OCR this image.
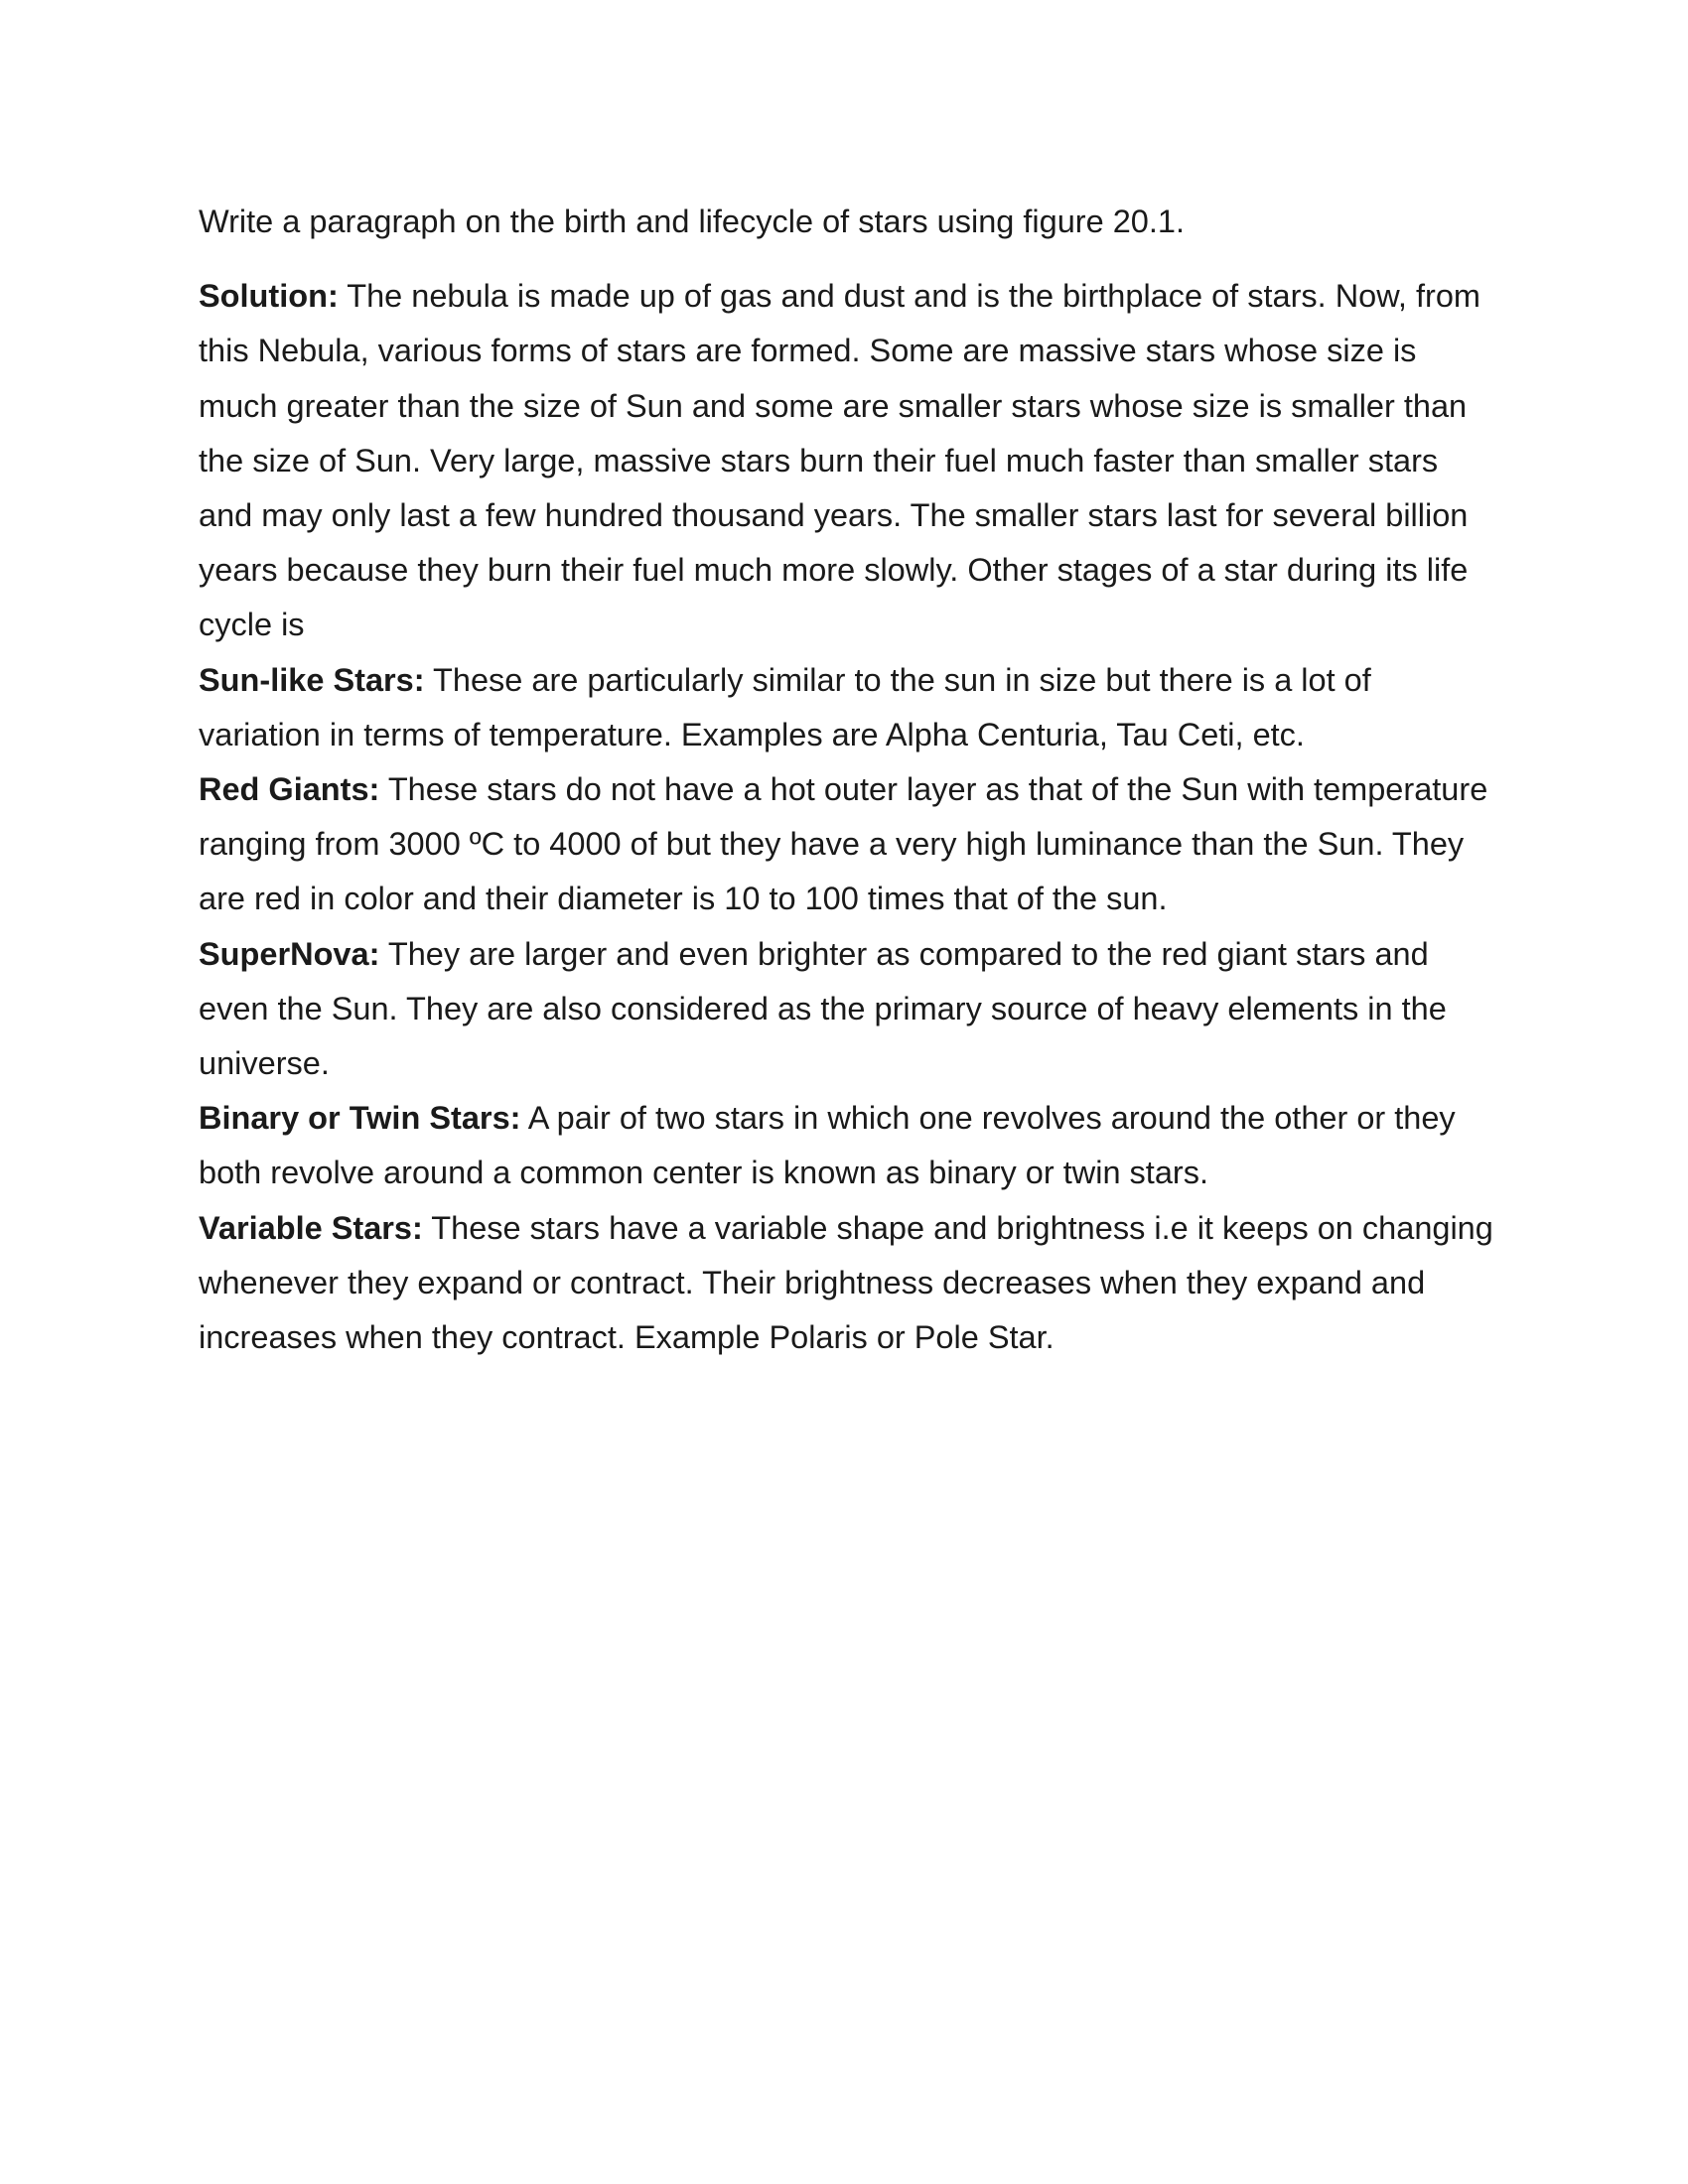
Write a paragraph on the birth and lifecycle of stars using figure 20.1.

Solution: The nebula is made up of gas and dust and is the birthplace of stars. Now, from this Nebula, various forms of stars are formed. Some are massive stars whose size is much greater than the size of Sun and some are smaller stars whose size is smaller than the size of Sun. Very large, massive stars burn their fuel much faster than smaller stars and may only last a few hundred thousand years. The smaller stars last for several billion years because they burn their fuel much more slowly. Other stages of a star during its life cycle is

Sun-like Stars: These are particularly similar to the sun in size but there is a lot of variation in terms of temperature. Examples are Alpha Centuria, Tau Ceti, etc.

Red Giants: These stars do not have a hot outer layer as that of the Sun with temperature ranging from 3000 ºC to 4000 of but they have a very high luminance than the Sun. They are red in color and their diameter is 10 to 100 times that of the sun.

SuperNova: They are larger and even brighter as compared to the red giant stars and even the Sun. They are also considered as the primary source of heavy elements in the universe.

Binary or Twin Stars: A pair of two stars in which one revolves around the other or they both revolve around a common center is known as binary or twin stars.

Variable Stars: These stars have a variable shape and brightness i.e it keeps on changing whenever they expand or contract. Their brightness decreases when they expand and increases when they contract. Example Polaris or Pole Star.
